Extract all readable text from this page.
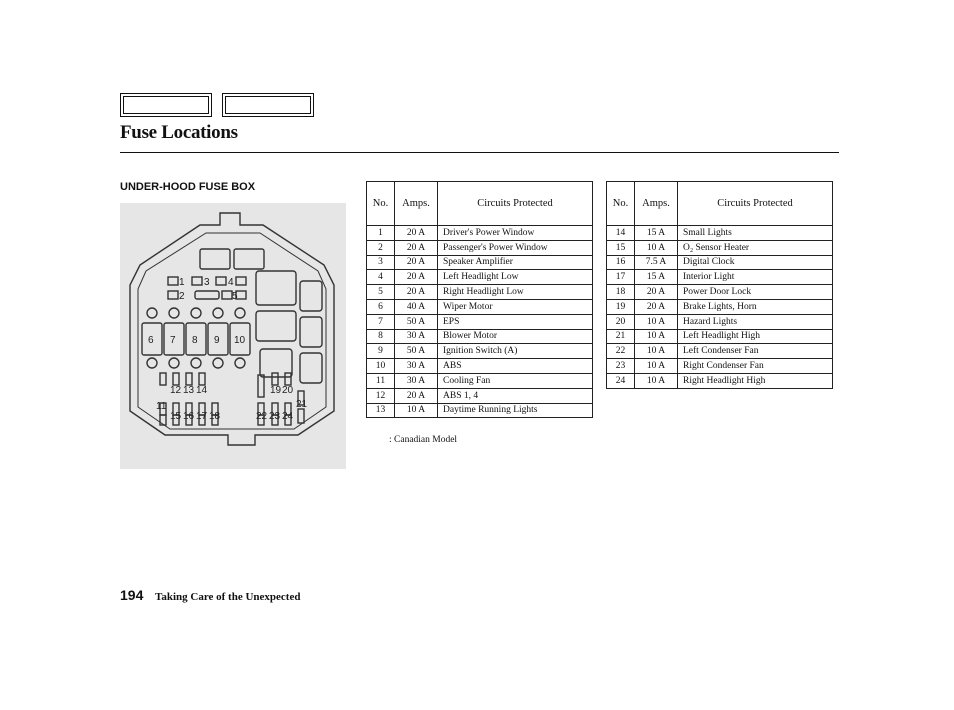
Fuse Locations
UNDER-HOOD FUSE BOX
1
2
3 4
5
6 7 8 9 10
11
12 13 14
15 16 17 18
19 20
21
22 23 24
No.	Amps.	Circuits Protected
1	20 A	Driver's Power Window
2	20 A	Passenger's Power Window
3	20 A	Speaker Amplifier
4	20 A	Left Headlight Low
5	20 A	Right Headlight Low
6	40 A	Wiper Motor
7	50 A	EPS
8	30 A	Blower Motor
9	50 A	Ignition Switch (A)
10	30 A	ABS
11	30 A	Cooling Fan
12	20 A	ABS 1, 4
13	10 A	Daytime Running Lights
No.	Amps.	Circuits Protected
14	15 A	Small Lights
15	10 A	O₂ Sensor Heater
16	7.5 A	Digital Clock
17	15 A	Interior Light
18	20 A	Power Door Lock
19	20 A	Brake Lights, Horn
20	10 A	Hazard Lights
21	10 A	Left Headlight High
22	10 A	Left Condenser Fan
23	10 A	Right Condenser Fan
24	10 A	Right Headlight High
: Canadian Model
194 Taking Care of the Unexpected
